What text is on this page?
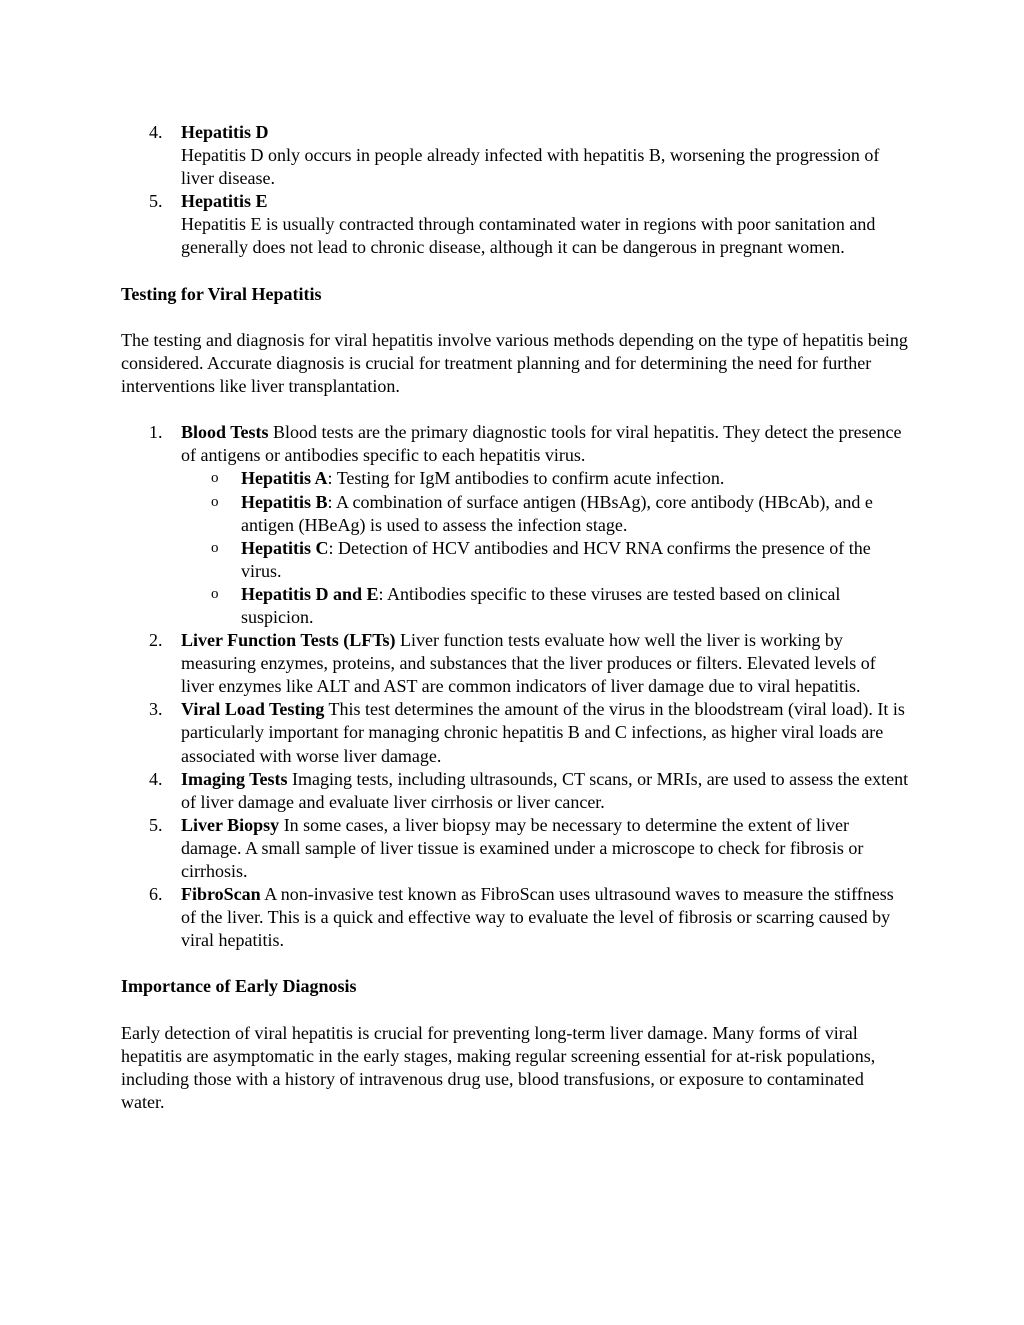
4. Hepatitis D
Hepatitis D only occurs in people already infected with hepatitis B, worsening the progression of liver disease.
5. Hepatitis E
Hepatitis E is usually contracted through contaminated water in regions with poor sanitation and generally does not lead to chronic disease, although it can be dangerous in pregnant women.

Testing for Viral Hepatitis

The testing and diagnosis for viral hepatitis involve various methods depending on the type of hepatitis being considered. Accurate diagnosis is crucial for treatment planning and for determining the need for further interventions like liver transplantation.

1. Blood Tests Blood tests are the primary diagnostic tools for viral hepatitis. They detect the presence of antigens or antibodies specific to each hepatitis virus.
o Hepatitis A: Testing for IgM antibodies to confirm acute infection.
o Hepatitis B: A combination of surface antigen (HBsAg), core antibody (HBcAb), and e antigen (HBeAg) is used to assess the infection stage.
o Hepatitis C: Detection of HCV antibodies and HCV RNA confirms the presence of the virus.
o Hepatitis D and E: Antibodies specific to these viruses are tested based on clinical suspicion.
2. Liver Function Tests (LFTs) Liver function tests evaluate how well the liver is working by measuring enzymes, proteins, and substances that the liver produces or filters. Elevated levels of liver enzymes like ALT and AST are common indicators of liver damage due to viral hepatitis.
3. Viral Load Testing This test determines the amount of the virus in the bloodstream (viral load). It is particularly important for managing chronic hepatitis B and C infections, as higher viral loads are associated with worse liver damage.
4. Imaging Tests Imaging tests, including ultrasounds, CT scans, or MRIs, are used to assess the extent of liver damage and evaluate liver cirrhosis or liver cancer.
5. Liver Biopsy In some cases, a liver biopsy may be necessary to determine the extent of liver damage. A small sample of liver tissue is examined under a microscope to check for fibrosis or cirrhosis.
6. FibroScan A non-invasive test known as FibroScan uses ultrasound waves to measure the stiffness of the liver. This is a quick and effective way to evaluate the level of fibrosis or scarring caused by viral hepatitis.

Importance of Early Diagnosis

Early detection of viral hepatitis is crucial for preventing long-term liver damage. Many forms of viral hepatitis are asymptomatic in the early stages, making regular screening essential for at-risk populations, including those with a history of intravenous drug use, blood transfusions, or exposure to contaminated water.
